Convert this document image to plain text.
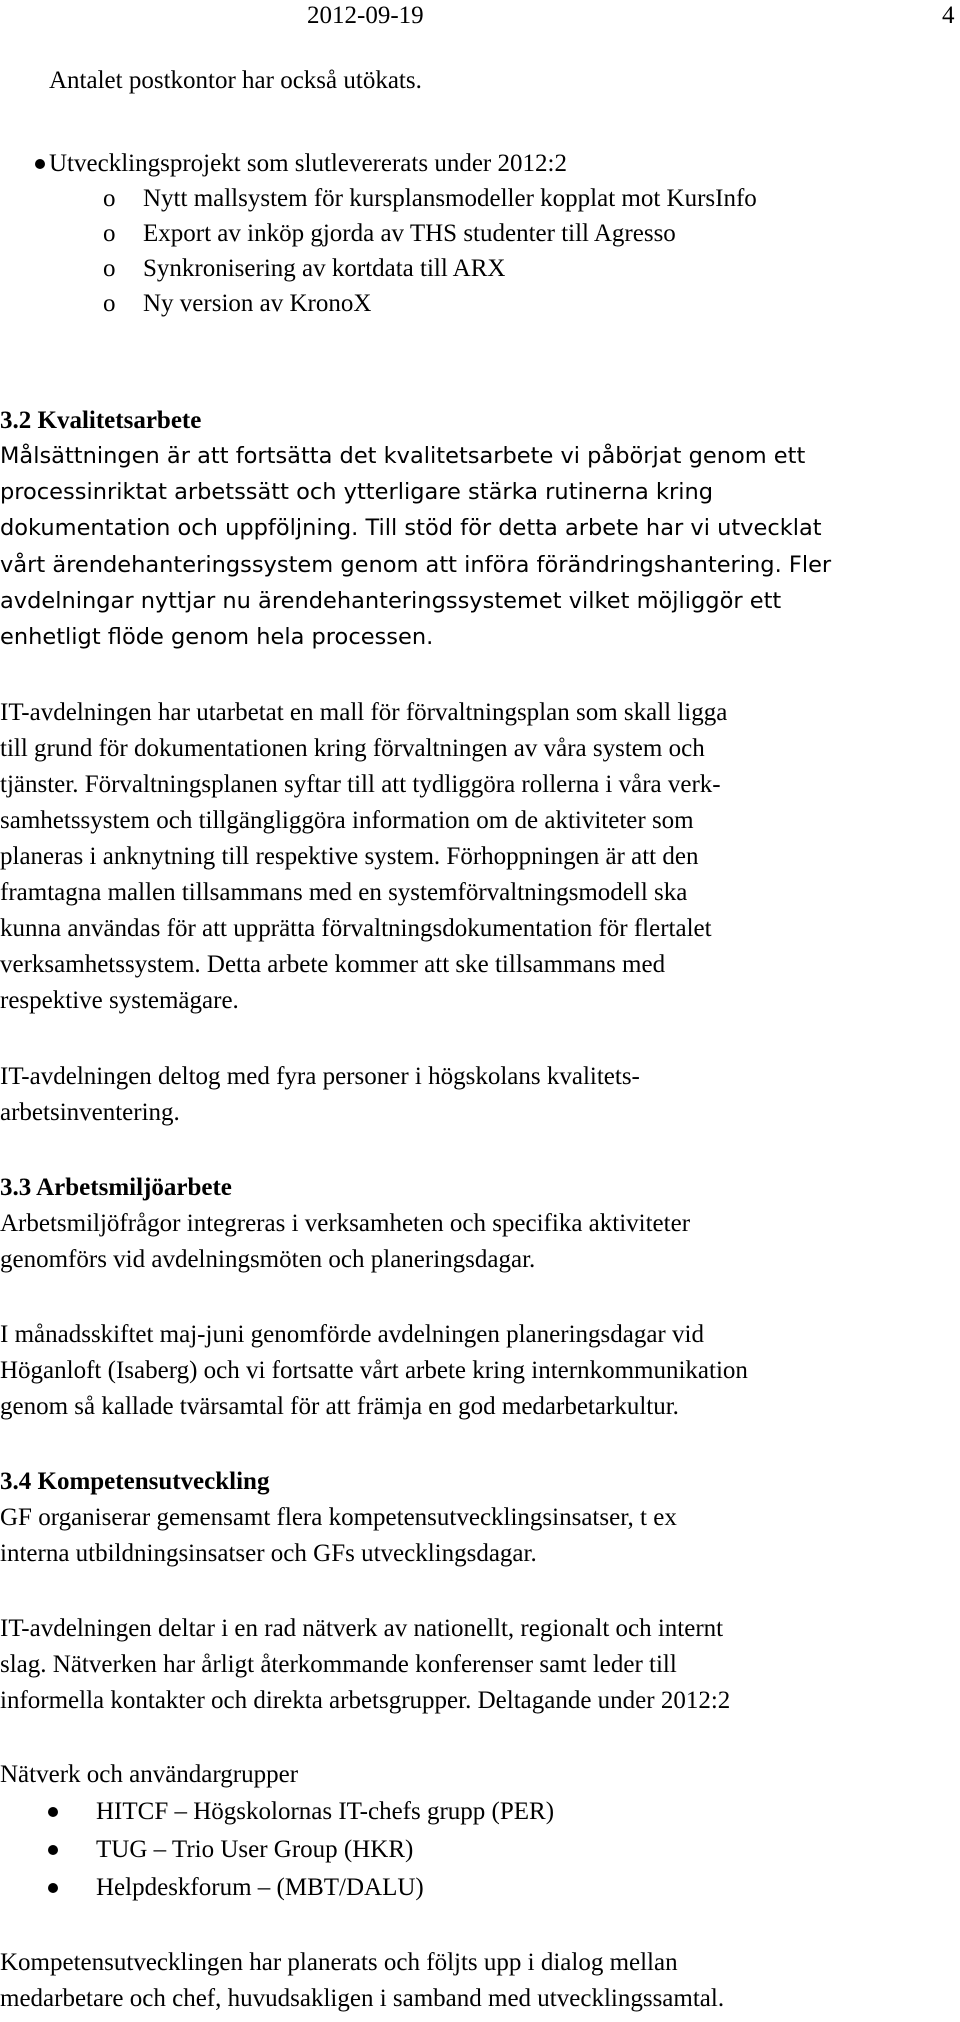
2012-09-19	4
Antalet postkontor har också utökats.
Utvecklingsprojekt som slutlevererats under 2012:2
o Nytt mallsystem för kursplansmodeller kopplat mot KursInfo
o Export av inköp gjorda av THS studenter till Agresso
o Synkronisering av kortdata till ARX
o Ny version av KronoX
3.2 Kvalitetsarbete
Målsättningen är att fortsätta det kvalitetsarbete vi påbörjat genom ett
processinriktat arbetssätt och ytterligare stärka rutinerna kring
dokumentation och uppföljning. Till stöd för detta arbete har vi utvecklat
vårt ärendehanteringssystem genom att införa förändringshantering. Fler
avdelningar nyttjar nu ärendehanteringssystemet vilket möjliggör ett
enhetligt flöde genom hela processen.
IT-avdelningen har utarbetat en mall för förvaltningsplan som skall ligga
till grund för dokumentationen kring förvaltningen av våra system och
tjänster. Förvaltningsplanen syftar till att tydliggöra rollerna i våra verk-
samhetssystem och tillgängliggöra information om de aktiviteter som
planeras i anknytning till respektive system. Förhoppningen är att den
framtagna mallen tillsammans med en systemförvaltningsmodell ska
kunna användas för att upprätta förvaltningsdokumentation för flertalet
verksamhetssystem. Detta arbete kommer att ske tillsammans med
respektive systemägare.
IT-avdelningen deltog med fyra personer i högskolans kvalitets-
arbetsinventering.
3.3 Arbetsmiljöarbete
Arbetsmiljöfrågor integreras i verksamheten och specifika aktiviteter
genomförs vid avdelningsmöten och planeringsdagar.
I månadsskiftet maj-juni genomförde avdelningen planeringsdagar vid
Höganloft (Isaberg) och vi fortsatte vårt arbete kring internkommunikation
genom så kallade tvärsamtal för att främja en god medarbetarkultur.
3.4 Kompetensutveckling
GF organiserar gemensamt flera kompetensutvecklingsinsatser, t ex
interna utbildningsinsatser och GFs utvecklingsdagar.
IT-avdelningen deltar i en rad nätverk av nationellt, regionalt och internt
slag. Nätverken har årligt återkommande konferenser samt leder till
informella kontakter och direkta arbetsgrupper. Deltagande under 2012:2
Nätverk och användargrupper
HITCF – Högskolornas IT-chefs grupp (PER)
TUG – Trio User Group (HKR)
Helpdeskforum – (MBT/DALU)
Kompetensutvecklingen har planerats och följts upp i dialog mellan
medarbetare och chef, huvudsakligen i samband med utvecklingssamtal.
